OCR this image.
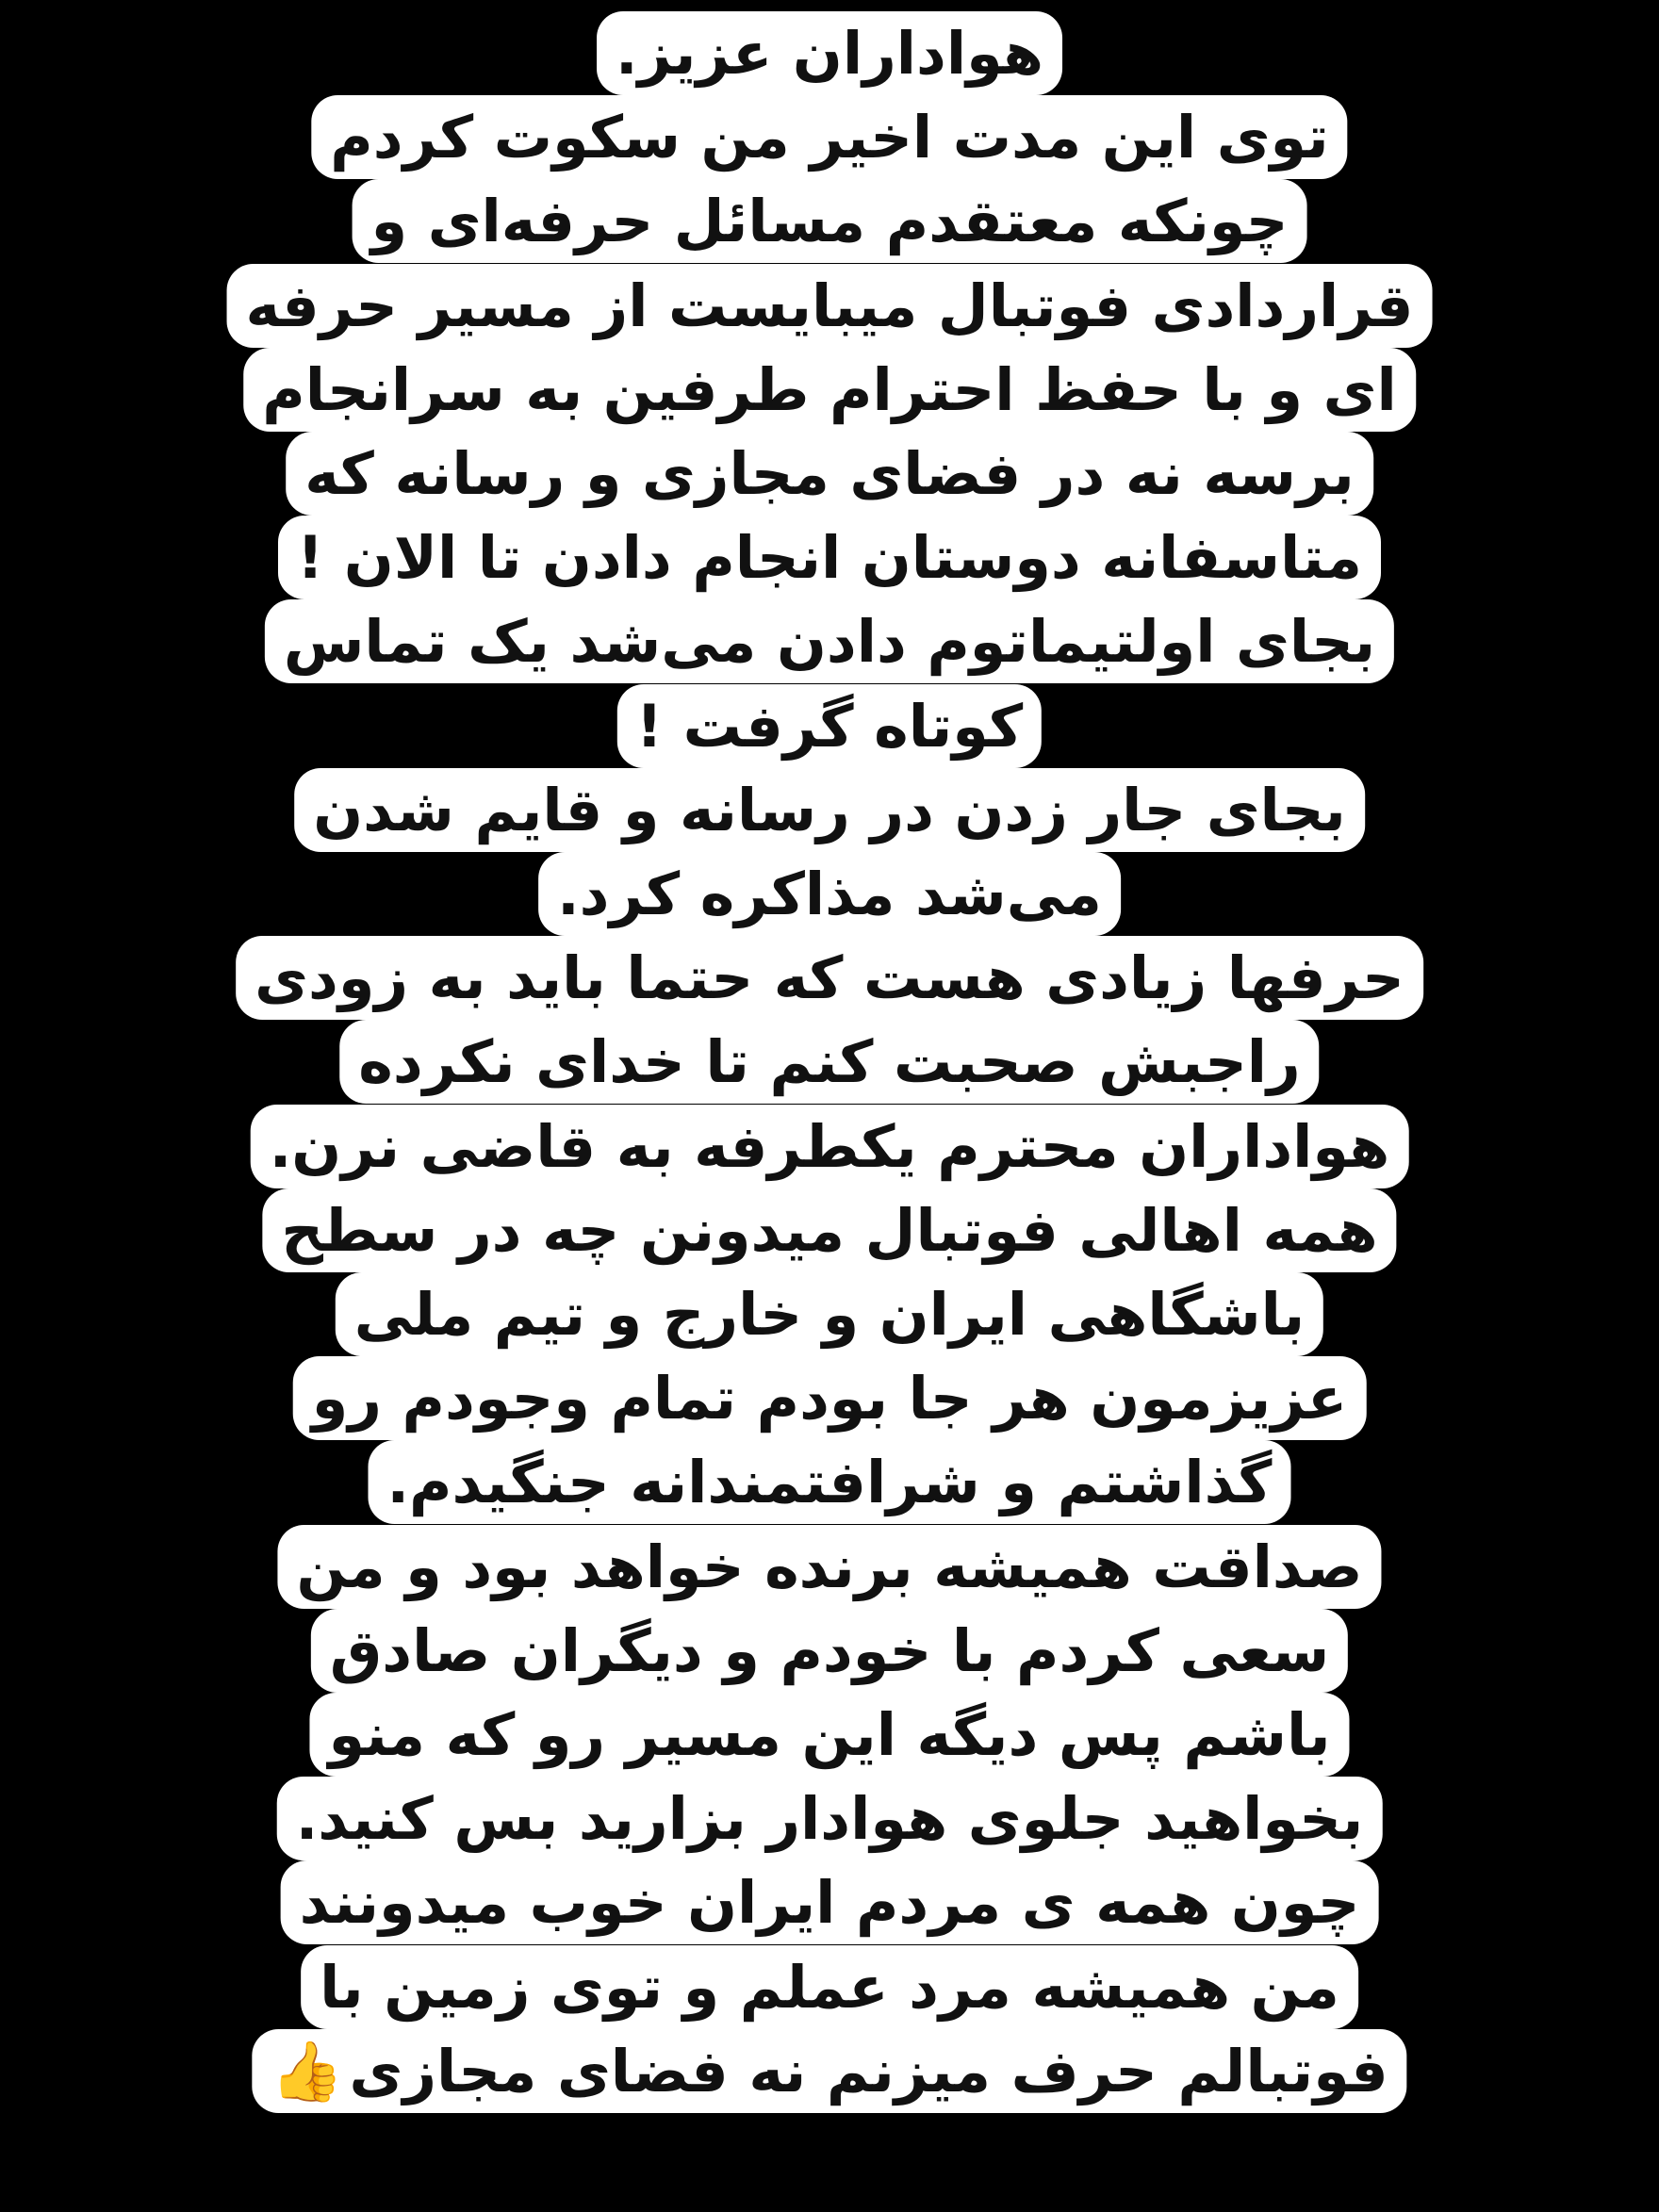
هواداران عزیز.
توی این مدت اخیر من سکوت کردم
چونکه معتقدم مسائل حرفه‌ای و
قراردادی فوتبال میبایست از مسیر حرفه
ای و با حفظ احترام طرفین به سرانجام
برسه نه در فضای مجازی و رسانه که
متاسفانه دوستان انجام دادن تا الان !
بجای اولتیماتوم دادن می‌شد یک تماس
کوتاه گرفت !
بجای جار زدن در رسانه و قایم شدن
می‌شد مذاکره کرد.
حرفها زیادی هست که حتما باید به زودی
راجبش صحبت کنم تا خدای نکرده
هواداران محترم یکطرفه به قاضی نرن.
همه اهالی فوتبال میدونن چه در سطح
باشگاهی ایران و خارج و تیم ملی
عزیزمون هر جا بودم تمام وجودم رو
گذاشتم و شرافتمندانه جنگیدم.
صداقت همیشه برنده خواهد بود و من
سعی کردم با خودم و دیگران صادق
باشم پس دیگه این مسیر رو که منو
بخواهید جلوی هوادار بزارید بس کنید.
چون همه ی مردم ایران خوب میدونند
من همیشه مرد عملم و توی زمین با
فوتبالم حرف میزنم نه فضای مجازی👍
